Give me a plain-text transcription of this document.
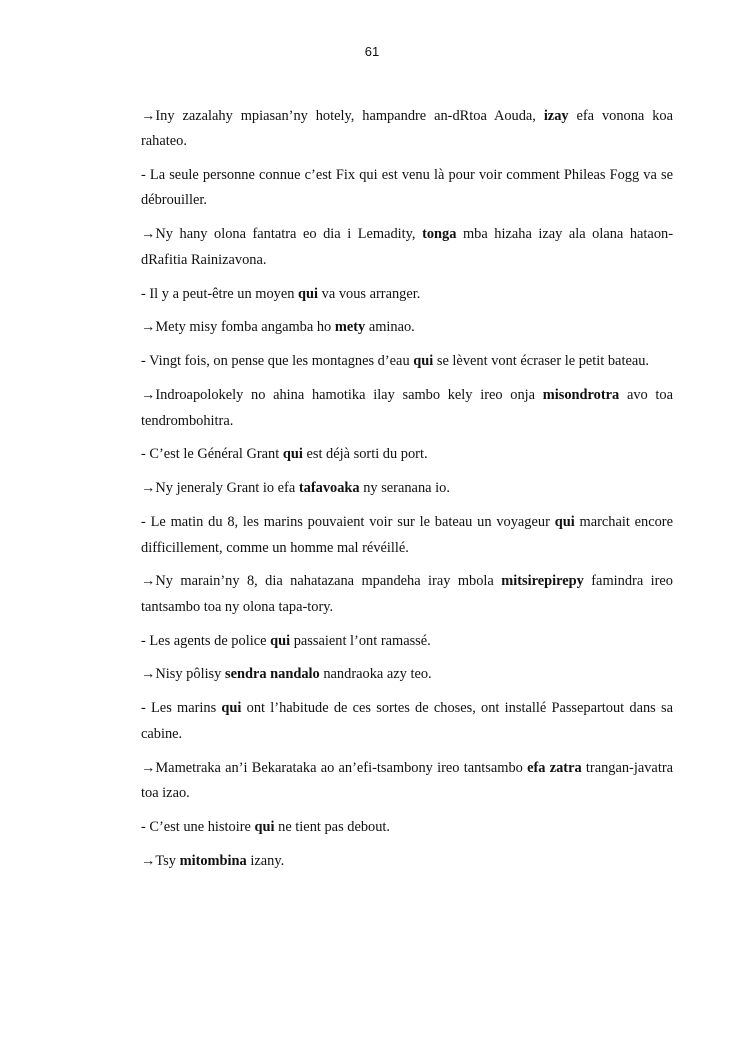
61

→Iny zazalahy mpiasan’ny hotely, hampandre an-dRtoa Aouda, izay efa vonona koa rahateo.

- La seule personne connue c’est Fix qui est venu là pour voir comment Phileas Fogg va se débrouiller.

→Ny hany olona fantatra eo dia i Lemadity, tonga mba hizaha izay ala olana hataon-dRafitia Rainizavona.

- Il y a peut-être un moyen qui va vous arranger.

→Mety misy fomba angamba ho mety aminao.

- Vingt fois, on pense que les montagnes d’eau qui se lèvent vont écraser le petit bateau.

→Indroapolokely no ahina hamotika ilay sambo kely ireo onja misondrotra avo toa tendrombohitra.

- C’est le Général Grant qui est déjà sorti du port.

→Ny jeneraly Grant io efa tafavoaka ny seranana io.

- Le matin du 8, les marins pouvaient voir sur le bateau un voyageur qui marchait encore difficillement, comme un homme mal révéillé.

→Ny marain’ny 8, dia nahatazana mpandeha iray mbola mitsirepirepy famindra ireo tantsambo toa ny olona tapa-tory.

- Les agents de police qui passaient l’ont ramassé.

→Nisy pôlisy sendra nandalo nandraoka azy teo.

- Les marins qui ont l’habitude de ces sortes de choses, ont installé Passepartout dans sa cabine.

→Mametraka an’i Bekarataka ao an’efi-tsambony ireo tantsambo efa zatra trangan-javatra toa izao.

- C’est une histoire qui ne tient pas debout.

→Tsy mitombina izany.
